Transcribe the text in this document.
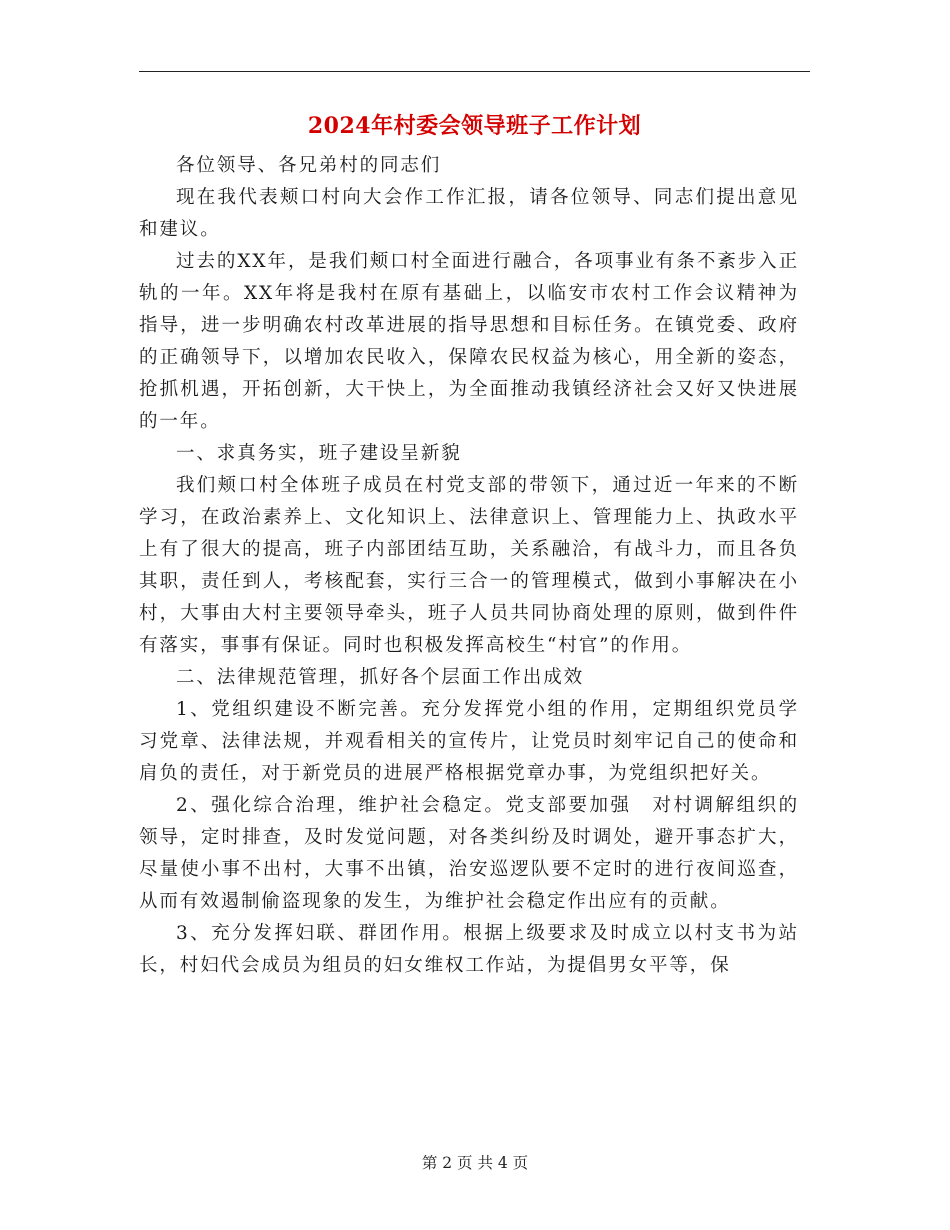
2024年村委会领导班子工作计划

各位领导、各兄弟村的同志们

现在我代表颊口村向大会作工作汇报，请各位领导、同志们提出意见和建议。

过去的XX年，是我们颊口村全面进行融合，各项事业有条不紊步入正轨的一年。XX年将是我村在原有基础上，以临安市农村工作会议精神为指导，进一步明确农村改革进展的指导思想和目标任务。在镇党委、政府的正确领导下，以增加农民收入，保障农民权益为核心，用全新的姿态，抢抓机遇，开拓创新，大干快上，为全面推动我镇经济社会又好又快进展的一年。

一、求真务实，班子建设呈新貌

我们颊口村全体班子成员在村党支部的带领下，通过近一年来的不断学习，在政治素养上、文化知识上、法律意识上、管理能力上、执政水平上有了很大的提高，班子内部团结互助，关系融洽，有战斗力，而且各负其职，责任到人，考核配套，实行三合一的管理模式，做到小事解决在小村，大事由大村主要领导牵头，班子人员共同协商处理的原则，做到件件有落实，事事有保证。同时也积极发挥高校生“村官”的作用。

二、法律规范管理，抓好各个层面工作出成效

1、党组织建设不断完善。充分发挥党小组的作用，定期组织党员学习党章、法律法规，并观看相关的宣传片，让党员时刻牢记自己的使命和肩负的责任，对于新党员的进展严格根据党章办事，为党组织把好关。

2、强化综合治理，维护社会稳定。党支部要加强　对村调解组织的领导，定时排查，及时发觉问题，对各类纠纷及时调处，避开事态扩大，尽量使小事不出村，大事不出镇，治安巡逻队要不定时的进行夜间巡查，从而有效遏制偷盗现象的发生，为维护社会稳定作出应有的贡献。

3、充分发挥妇联、群团作用。根据上级要求及时成立以村支书为站长，村妇代会成员为组员的妇女维权工作站，为提倡男女平等，保

第 2 页 共 4 页
